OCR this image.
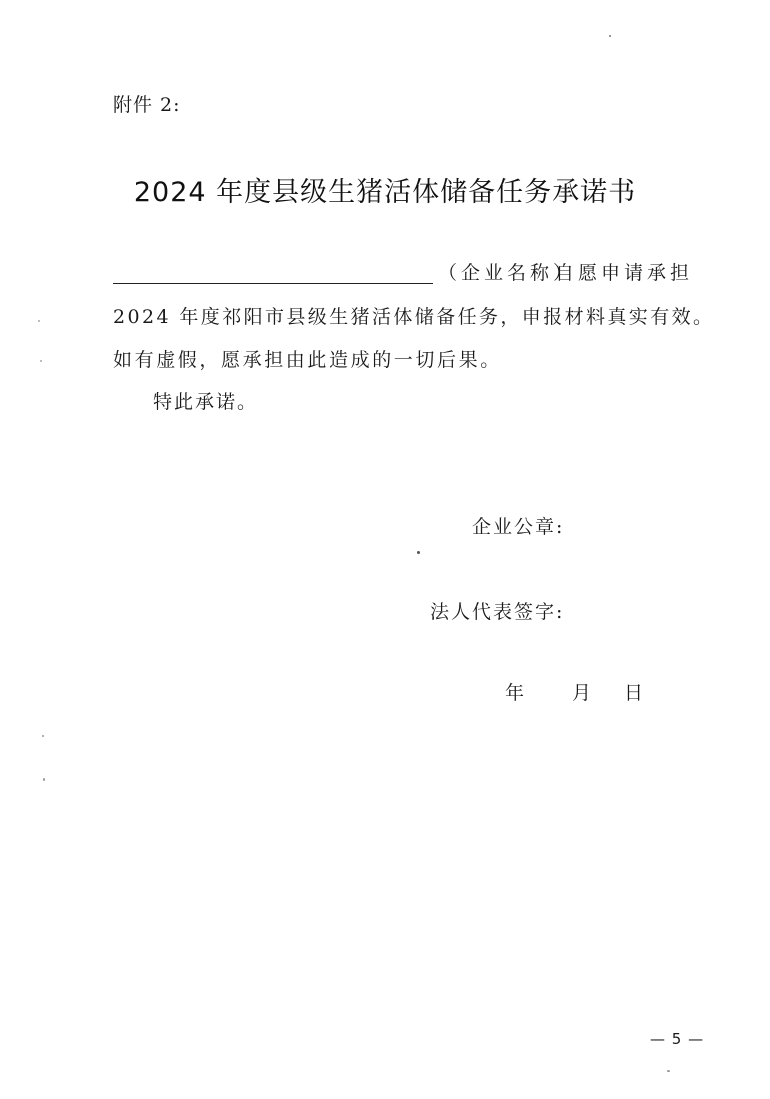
附件 2:
2024 年度县级生猪活体储备任务承诺书
（企业名称）
自愿申请承担
2024 年度祁阳市县级生猪活体储备任务，申报材料真实有效。
如有虚假，愿承担由此造成的一切后果。
特此承诺。
企业公章:
法人代表签字:
年	月 日
— 5 —
